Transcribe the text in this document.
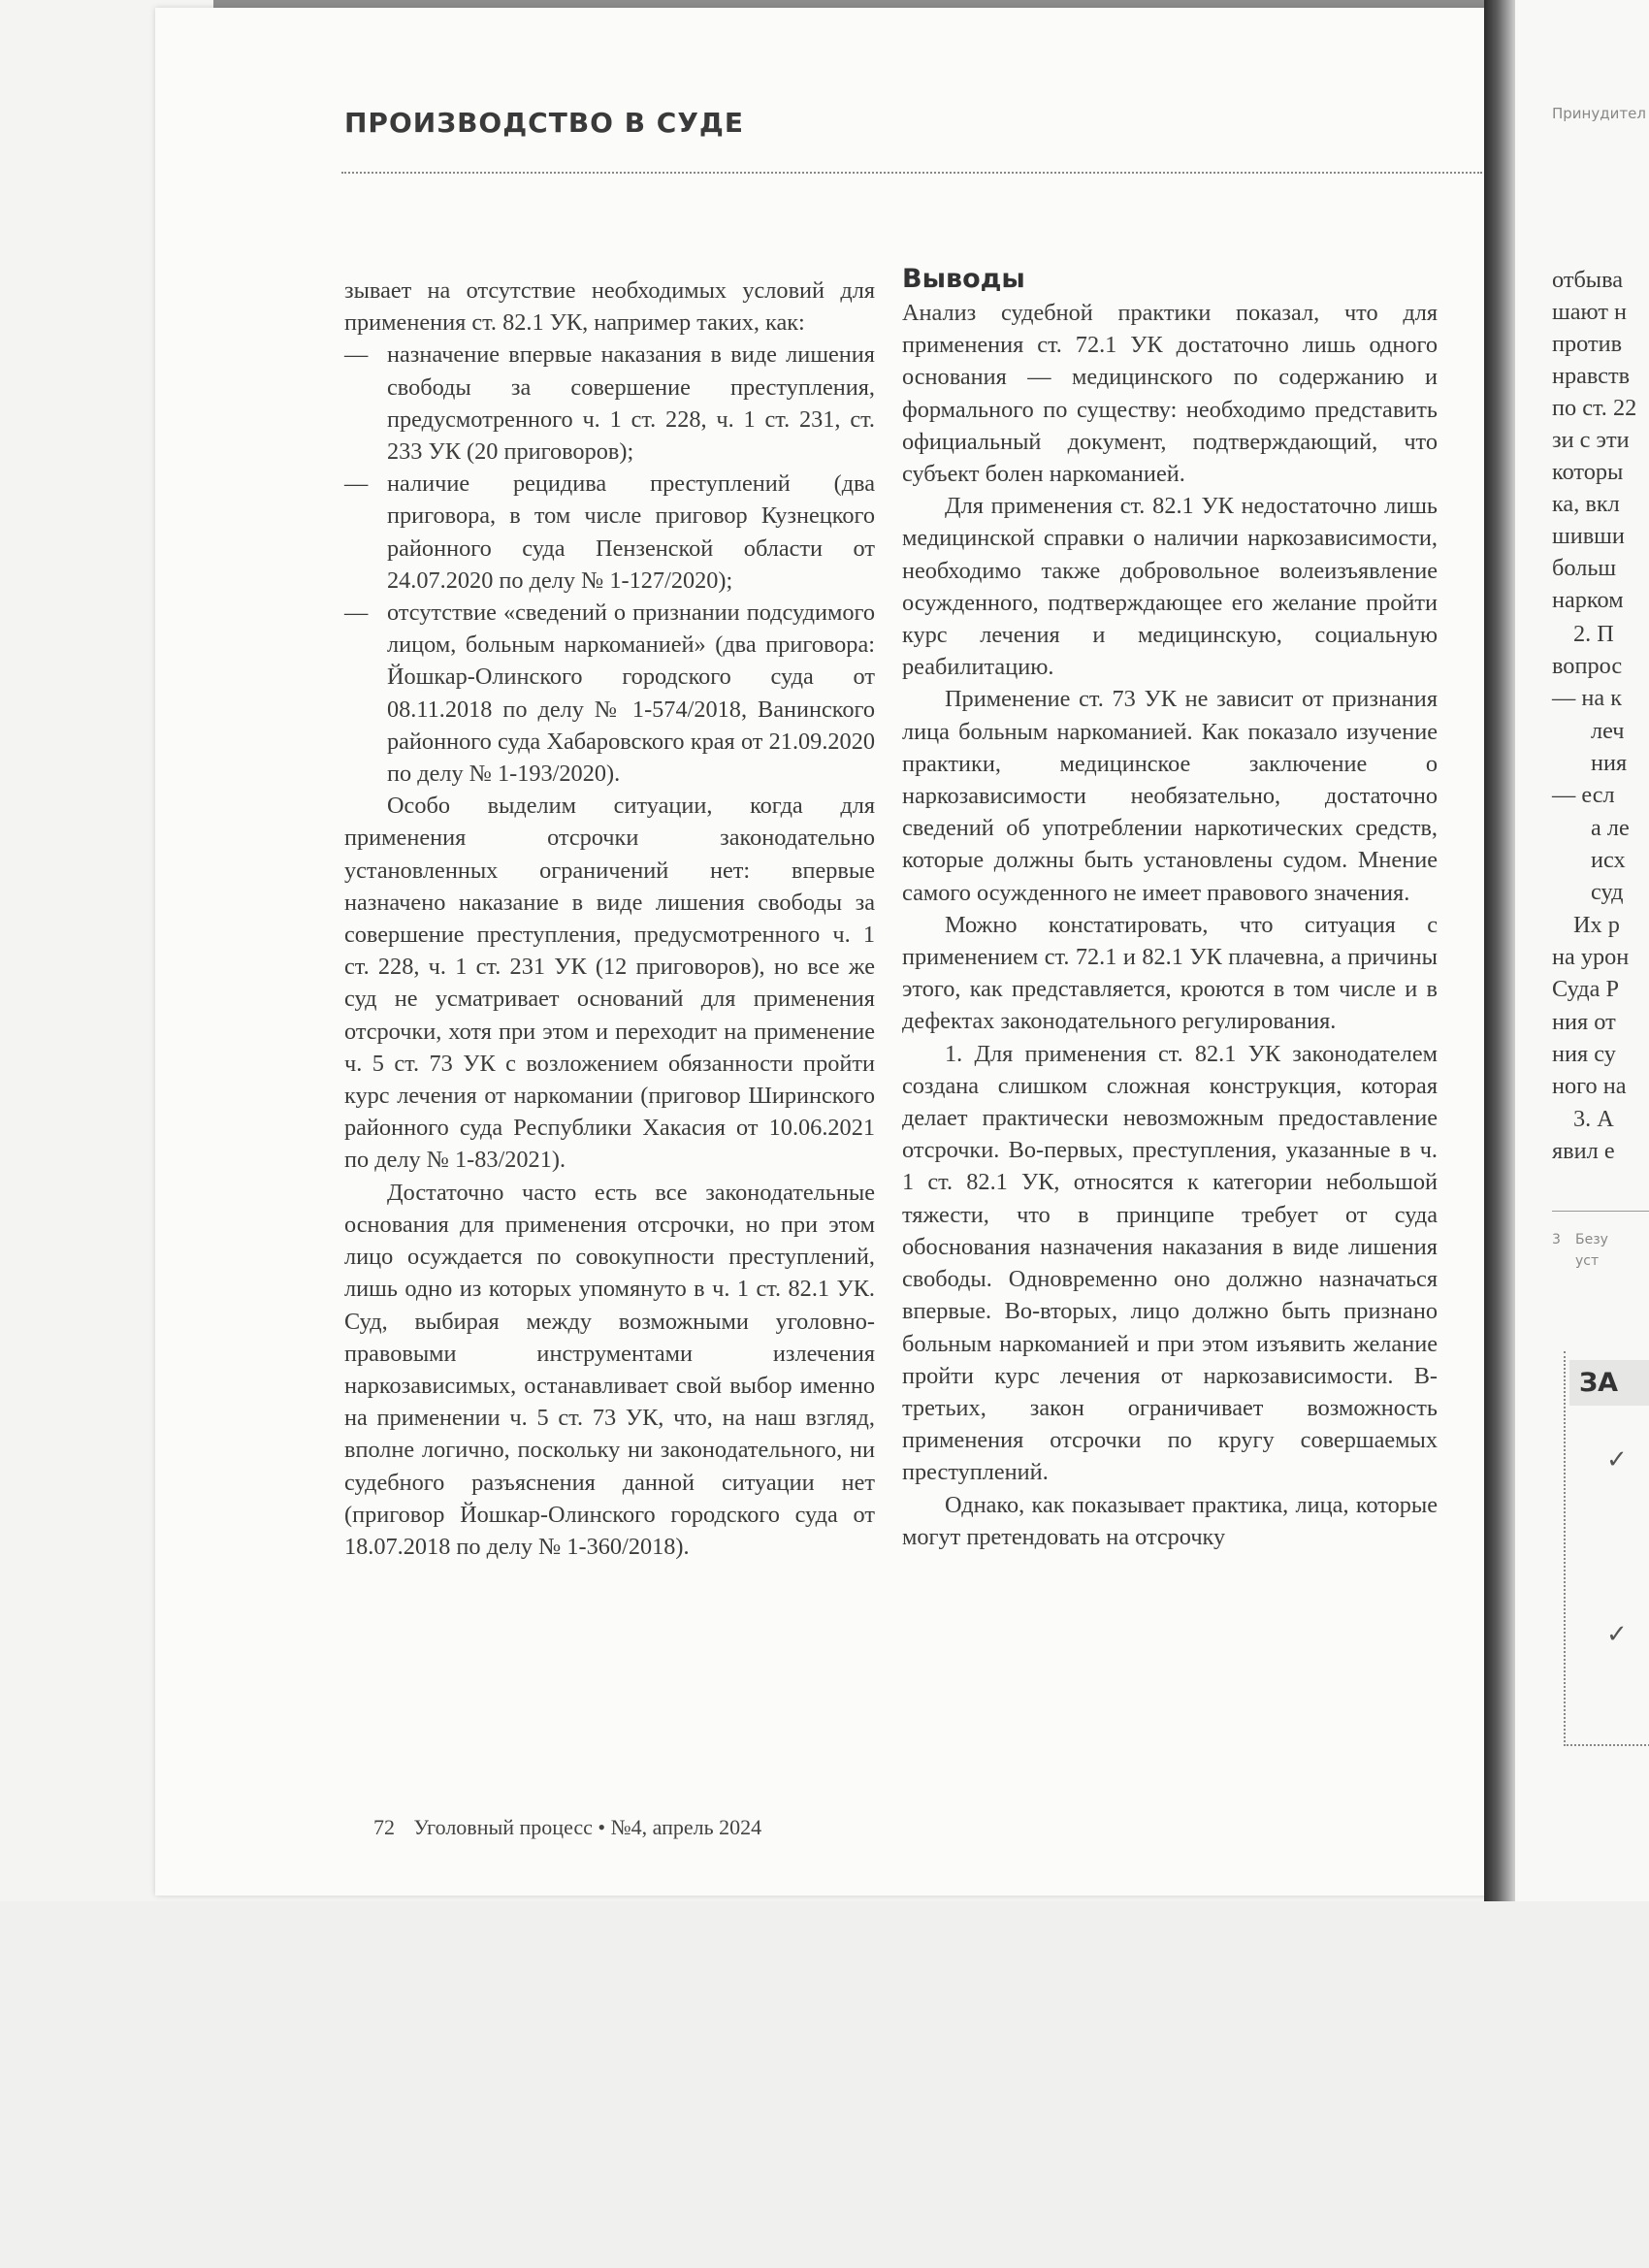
ПРОИЗВОДСТВО В СУДЕ

зывает на отсутствие необходимых условий для применения ст. 82.1 УК, например таких, как:

— назначение впервые наказания в виде лишения свободы за совершение преступления, предусмотренного ч. 1 ст. 228, ч. 1 ст. 231, ст. 233 УК (20 приговоров);
— наличие рецидива преступлений (два приговора, в том числе приговор Кузнецкого районного суда Пензенской области от 24.07.2020 по делу № 1-127/2020);
— отсутствие «сведений о признании подсудимого лицом, больным наркоманией» (два приговора: Йошкар-Олинского городского суда от 08.11.2018 по делу № 1-574/2018, Ванинского районного суда Хабаровского края от 21.09.2020 по делу № 1-193/2020).

Особо выделим ситуации, когда для применения отсрочки законодательно установленных ограничений нет: впервые назначено наказание в виде лишения свободы за совершение преступления, предусмотренного ч. 1 ст. 228, ч. 1 ст. 231 УК (12 приговоров), но все же суд не усматривает оснований для применения отсрочки, хотя при этом и переходит на применение ч. 5 ст. 73 УК с возложением обязанности пройти курс лечения от наркомании (приговор Ширинского районного суда Республики Хакасия от 10.06.2021 по делу № 1-83/2021).

Достаточно часто есть все законодательные основания для применения отсрочки, но при этом лицо осуждается по совокупности преступлений, лишь одно из которых упомянуто в ч. 1 ст. 82.1 УК. Суд, выбирая между возможными уголовно-правовыми инструментами излечения наркозависимых, останавливает свой выбор именно на применении ч. 5 ст. 73 УК, что, на наш взгляд, вполне логично, поскольку ни законодательного, ни судебного разъяснения данной ситуации нет (приговор Йошкар-Олинского городского суда от 18.07.2018 по делу № 1-360/2018).

Выводы

Анализ судебной практики показал, что для применения ст. 72.1 УК достаточно лишь одного основания — медицинского по содержанию и формального по существу: необходимо представить официальный документ, подтверждающий, что субъект болен наркоманией.

Для применения ст. 82.1 УК недостаточно лишь медицинской справки о наличии наркозависимости, необходимо также добровольное волеизъявление осужденного, подтверждающее его желание пройти курс лечения и медицинскую, социальную реабилитацию.

Применение ст. 73 УК не зависит от признания лица больным наркоманией. Как показало изучение практики, медицинское заключение о наркозависимости необязательно, достаточно сведений об употреблении наркотических средств, которые должны быть установлены судом. Мнение самого осужденного не имеет правового значения.

Можно констатировать, что ситуация с применением ст. 72.1 и 82.1 УК плачевна, а причины этого, как представляется, кроются в том числе и в дефектах законодательного регулирования.

1. Для применения ст. 82.1 УК законодателем создана слишком сложная конструкция, которая делает практически невозможным предоставление отсрочки. Во-первых, преступления, указанные в ч. 1 ст. 82.1 УК, относятся к категории небольшой тяжести, что в принципе требует от суда обоснования назначения наказания в виде лишения свободы. Одновременно оно должно назначаться впервые. Во-вторых, лицо должно быть признано больным наркоманией и при этом изъявить желание пройти курс лечения от наркозависимости. В-третьих, закон ограничивает возможность применения отсрочки по кругу совершаемых преступлений.

Однако, как показывает практика, лица, которые могут претендовать на отсрочку

72 Уголовный процесс • №4, апрель 2024
Принудител
отбыва
шают н
против
нравств
по ст. 22
зи с эти
которы
ка, вкл
шивши
больш
нарком
2. П
вопрос
— на к
леч
ния
— есл
а ле
исх
суд
Их р
на урон
Суда Р
ния от
ния су
ного на
3. А
явил е
3 Безу
уст
ЗА
✓
✓
